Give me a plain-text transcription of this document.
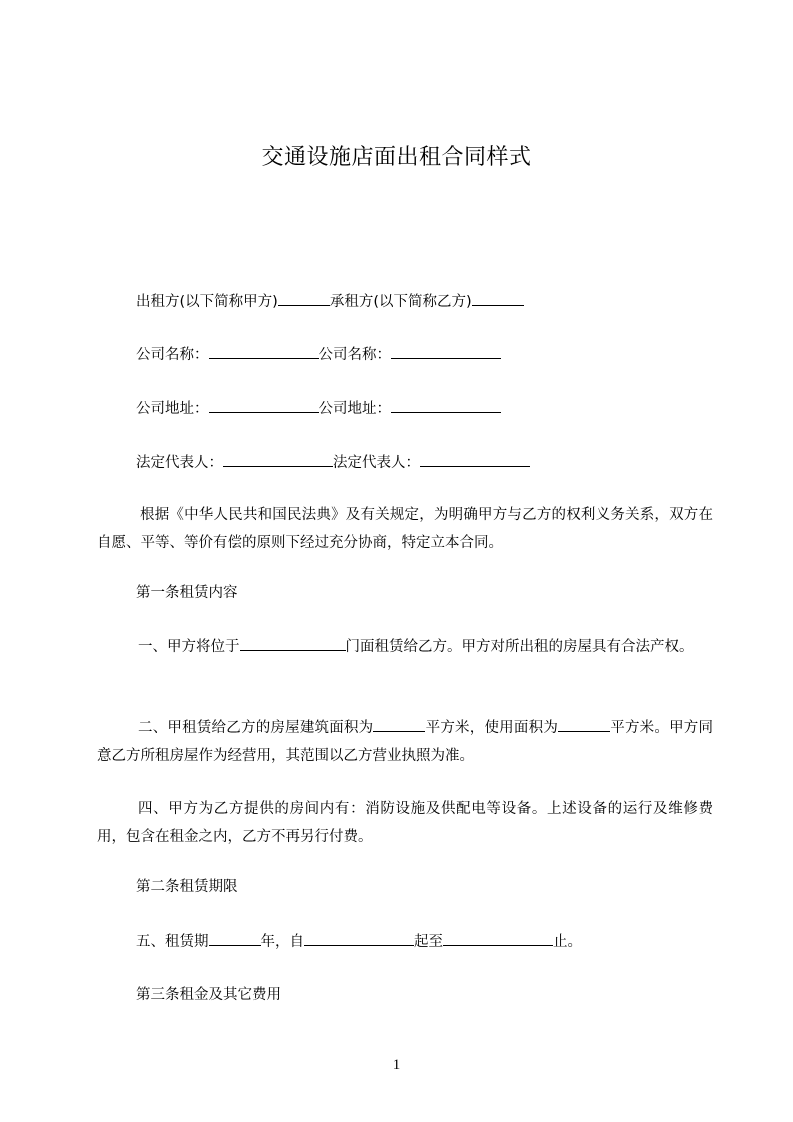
交通设施店面出租合同样式
出租方(以下简称甲方)	承租方(以下简称乙方)
公司名称：	公司名称：
公司地址：	公司地址：
法定代表人：	法定代表人：
根据《中华人民共和国民法典》及有关规定，为明确甲方与乙方的权利义务关系，双方在自愿、平等、等价有偿的原则下经过充分协商，特定立本合同。
第一条租赁内容
一、甲方将位于	门面租赁给乙方。甲方对所出租的房屋具有合法产权。
二、甲租赁给乙方的房屋建筑面积为	平方米，使用面积为	平方米。甲方同意乙方所租房屋作为经营用，其范围以乙方营业执照为准。
四、甲方为乙方提供的房间内有：消防设施及供配电等设备。上述设备的运行及维修费用，包含在租金之内，乙方不再另行付费。
第二条租赁期限
五、租赁期	年，自	起至	止。
第三条租金及其它费用
1
